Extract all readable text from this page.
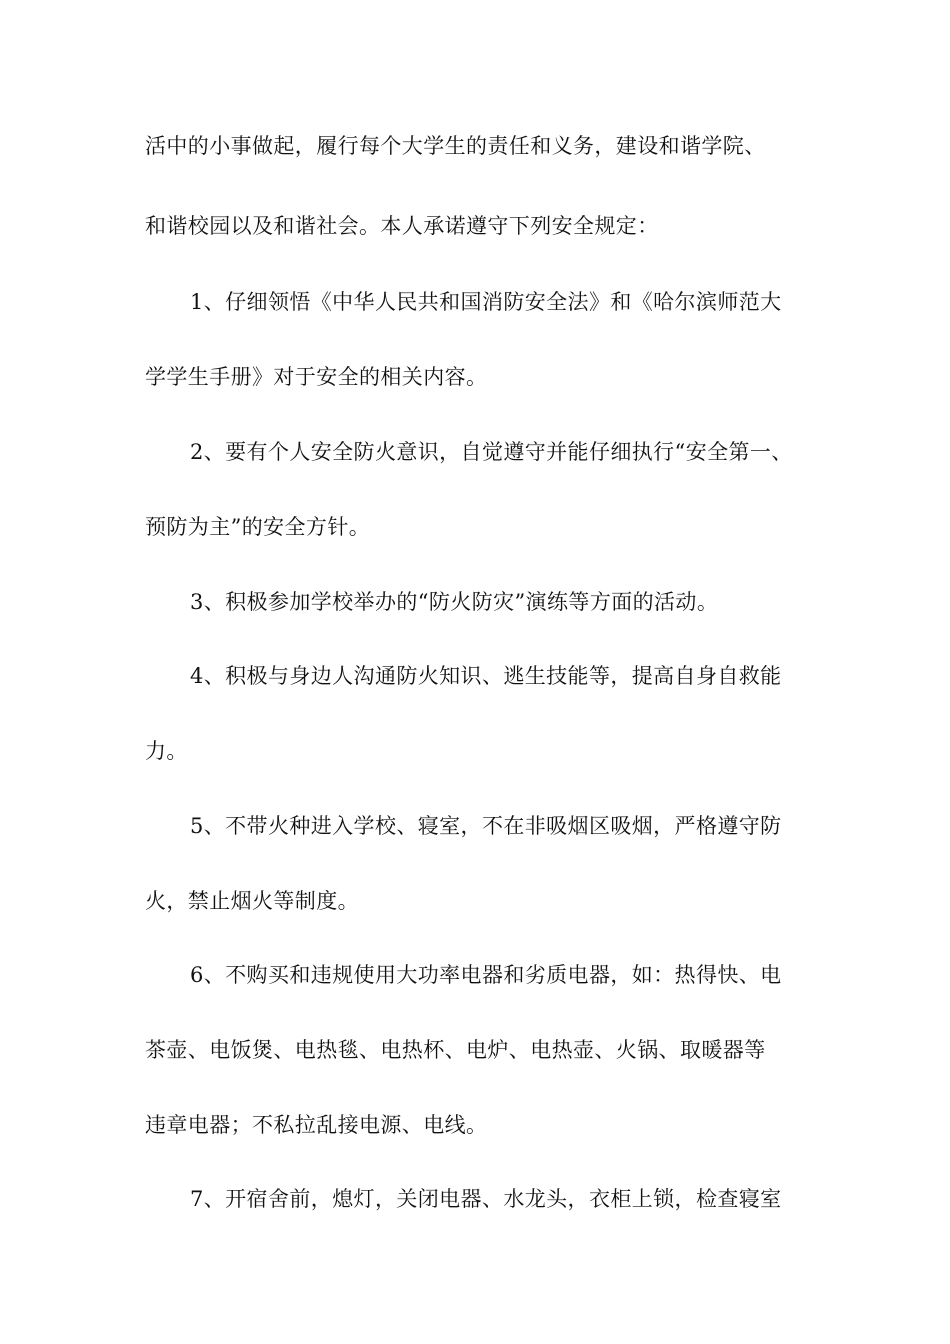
活中的小事做起，履行每个大学生的责任和义务，建设和谐学院、
和谐校园以及和谐社会。本人承诺遵守下列安全规定：
1、仔细领悟《中华人民共和国消防安全法》和《哈尔滨师范大
学学生手册》对于安全的相关内容。
2、要有个人安全防火意识，自觉遵守并能仔细执行“安全第一、
预防为主”的安全方针。
3、积极参加学校举办的“防火防灾”演练等方面的活动。
4、积极与身边人沟通防火知识、逃生技能等，提高自身自救能
力。
5、不带火种进入学校、寝室，不在非吸烟区吸烟，严格遵守防
火，禁止烟火等制度。
6、不购买和违规使用大功率电器和劣质电器，如：热得快、电
茶壶、电饭煲、电热毯、电热杯、电炉、电热壶、火锅、取暖器等
违章电器；不私拉乱接电源、电线。
7、开宿舍前，熄灯，关闭电器、水龙头，衣柜上锁，检查寝室
